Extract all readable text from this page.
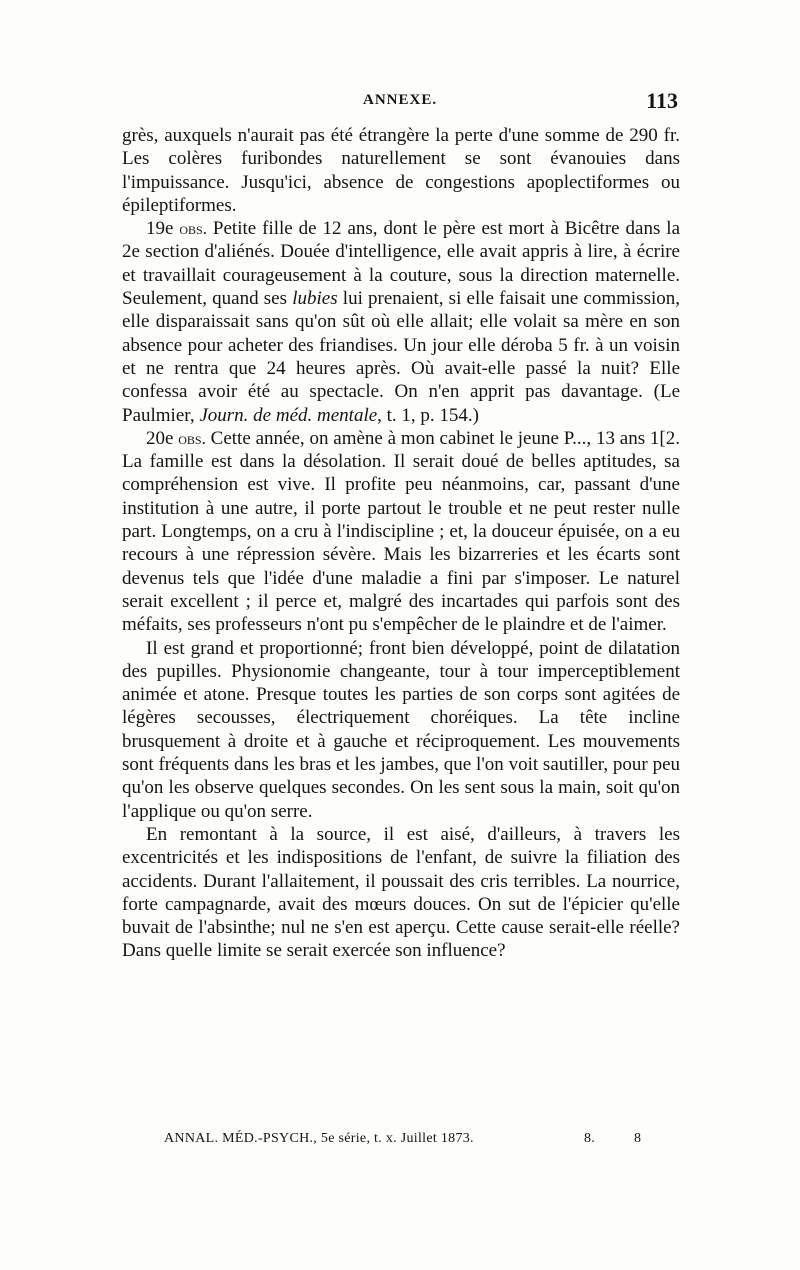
ANNEXE.	113

grès, auxquels n'aurait pas été étrangère la perte d'une somme de 290 fr. Les colères furibondes naturellement se sont évanouies dans l'impuissance. Jusqu'ici, absence de congestions apoplectiformes ou épileptiformes.

19e obs. Petite fille de 12 ans, dont le père est mort à Bicêtre dans la 2e section d'aliénés. Douée d'intelligence, elle avait appris à lire, à écrire et travaillait courageusement à la couture, sous la direction maternelle. Seulement, quand ses lubies lui prenaient, si elle faisait une commission, elle disparaissait sans qu'on sût où elle allait; elle volait sa mère en son absence pour acheter des friandises. Un jour elle déroba 5 fr. à un voisin et ne rentra que 24 heures après. Où avait-elle passé la nuit? Elle confessa avoir été au spectacle. On n'en apprit pas davantage. (Le Paulmier, Journ. de méd. mentale, t. 1, p. 154.)

20e obs. Cette année, on amène à mon cabinet le jeune P..., 13 ans 1[2. La famille est dans la désolation. Il serait doué de belles aptitudes, sa compréhension est vive. Il profite peu néanmoins, car, passant d'une institution à une autre, il porte partout le trouble et ne peut rester nulle part. Longtemps, on a cru à l'indiscipline ; et, la douceur épuisée, on a eu recours à une répression sévère. Mais les bizarreries et les écarts sont devenus tels que l'idée d'une maladie a fini par s'imposer. Le naturel serait excellent ; il perce et, malgré des incartades qui parfois sont des méfaits, ses professeurs n'ont pu s'empêcher de le plaindre et de l'aimer.

Il est grand et proportionné; front bien développé, point de dilatation des pupilles. Physionomie changeante, tour à tour imperceptiblement animée et atone. Presque toutes les parties de son corps sont agitées de légères secousses, électriquement choréiques. La tête incline brusquement à droite et à gauche et réciproquement. Les mouvements sont fréquents dans les bras et les jambes, que l'on voit sautiller, pour peu qu'on les observe quelques secondes. On les sent sous la main, soit qu'on l'applique ou qu'on serre.

En remontant à la source, il est aisé, d'ailleurs, à travers les excentricités et les indispositions de l'enfant, de suivre la filiation des accidents. Durant l'allaitement, il poussait des cris terribles. La nourrice, forte campagnarde, avait des mœurs douces. On sut de l'épicier qu'elle buvait de l'absinthe; nul ne s'en est aperçu. Cette cause serait-elle réelle? Dans quelle limite se serait exercée son influence?

ANNAL. MÉD.-PSYCH., 5e série, t. x. Juillet 1873.	8.	8
